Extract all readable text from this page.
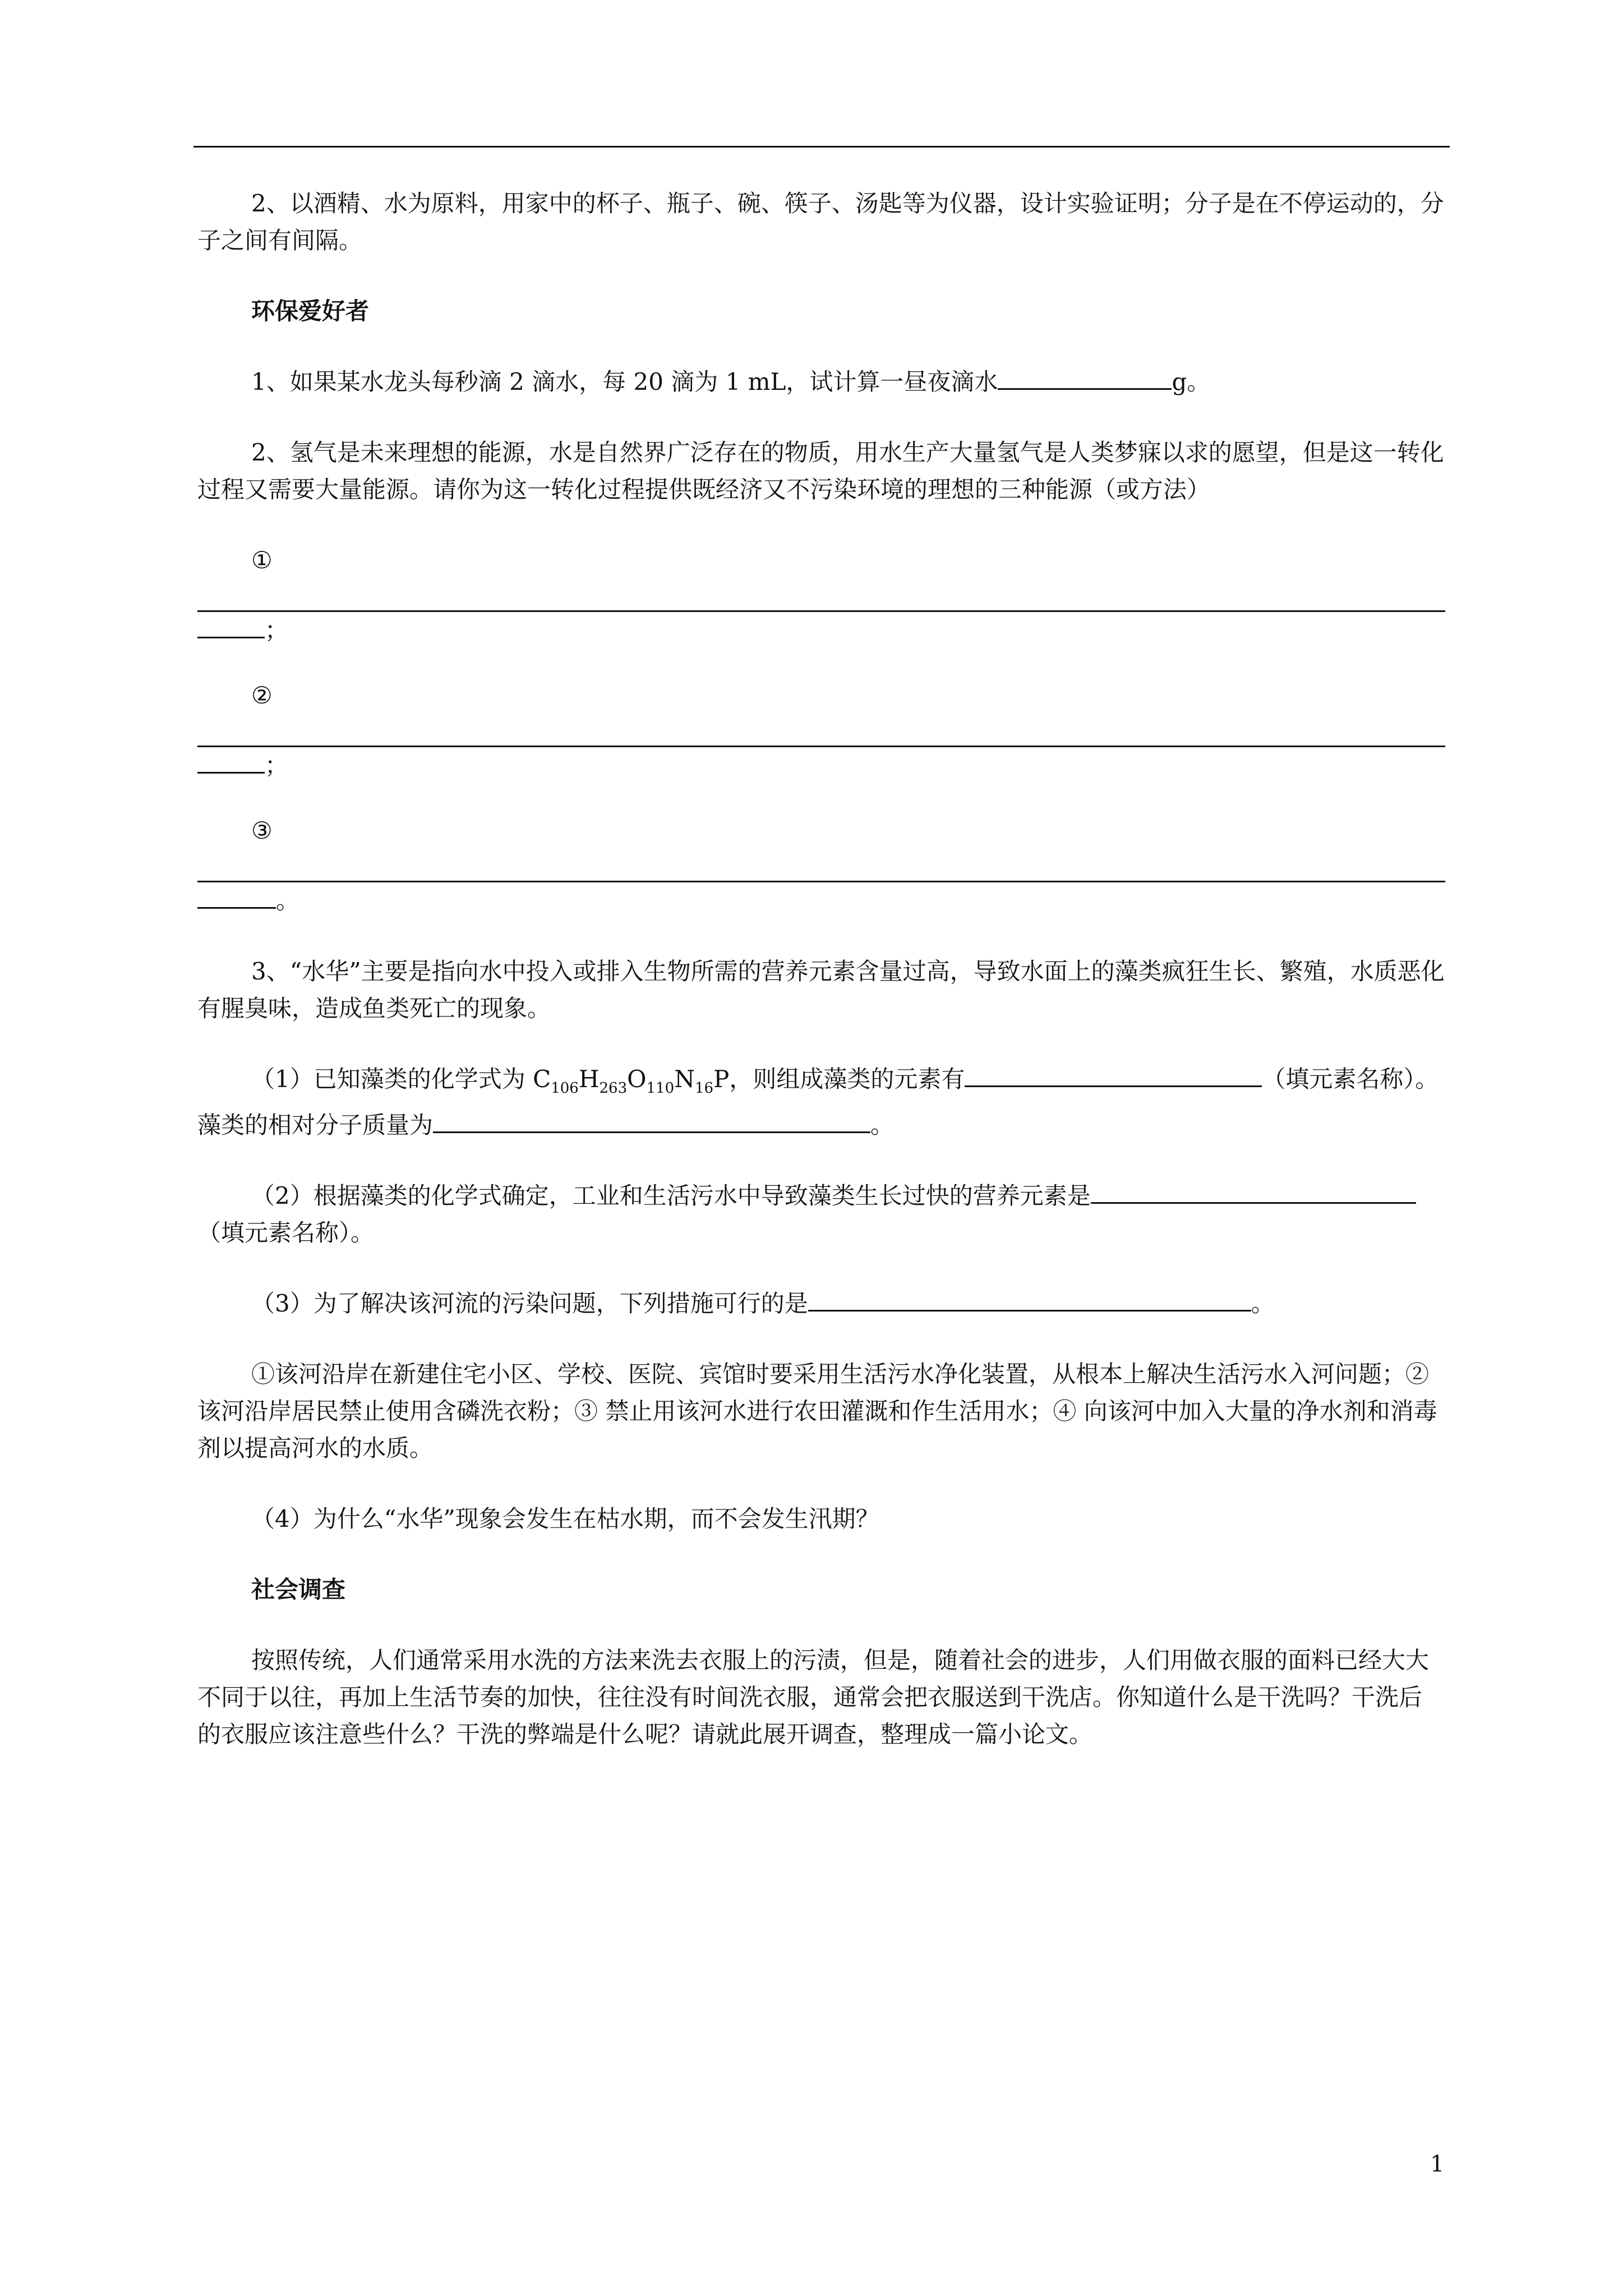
2、以酒精、水为原料，用家中的杯子、瓶子、碗、筷子、汤匙等为仪器，设计实验证明；分子是在不停运动的，分子之间有间隔。

环保爱好者

1、如果某水龙头每秒滴 2 滴水，每 20 滴为 1 mL，试计算一昼夜滴水	g。

2、氢气是未来理想的能源，水是自然界广泛存在的物质，用水生产大量氢气是人类梦寐以求的愿望，但是这一转化过程又需要大量能源。请你为这一转化过程提供既经济又不污染环境的理想的三种能源（或方法）

①

；

②

；

③

。

3、“水华”主要是指向水中投入或排入生物所需的营养元素含量过高，导致水面上的藻类疯狂生长、繁殖，水质恶化有腥臭味，造成鱼类死亡的现象。

（1）已知藻类的化学式为 $C_{106}H_{263}O_{110}N_{16}P$，则组成藻类的元素有	（填元素名称）。藻类的相对分子质量为	。

（2）根据藻类的化学式确定，工业和生活污水中导致藻类生长过快的营养元素是（填元素名称）。

（3）为了解决该河流的污染问题，下列措施可行的是	。

①该河沿岸在新建住宅小区、学校、医院、宾馆时要采用生活污水净化装置，从根本上解决生活污水入河问题；②该河沿岸居民禁止使用含磷洗衣粉；③ 禁止用该河水进行农田灌溉和作生活用水；④ 向该河中加入大量的净水剂和消毒剂以提高河水的水质。

（4）为什么“水华”现象会发生在枯水期，而不会发生汛期？

社会调查

按照传统，人们通常采用水洗的方法来洗去衣服上的污渍，但是，随着社会的进步，人们用做衣服的面料已经大大不同于以往，再加上生活节奏的加快，往往没有时间洗衣服，通常会把衣服送到干洗店。你知道什么是干洗吗？干洗后的衣服应该注意些什么？干洗的弊端是什么呢？请就此展开调查，整理成一篇小论文。

1
